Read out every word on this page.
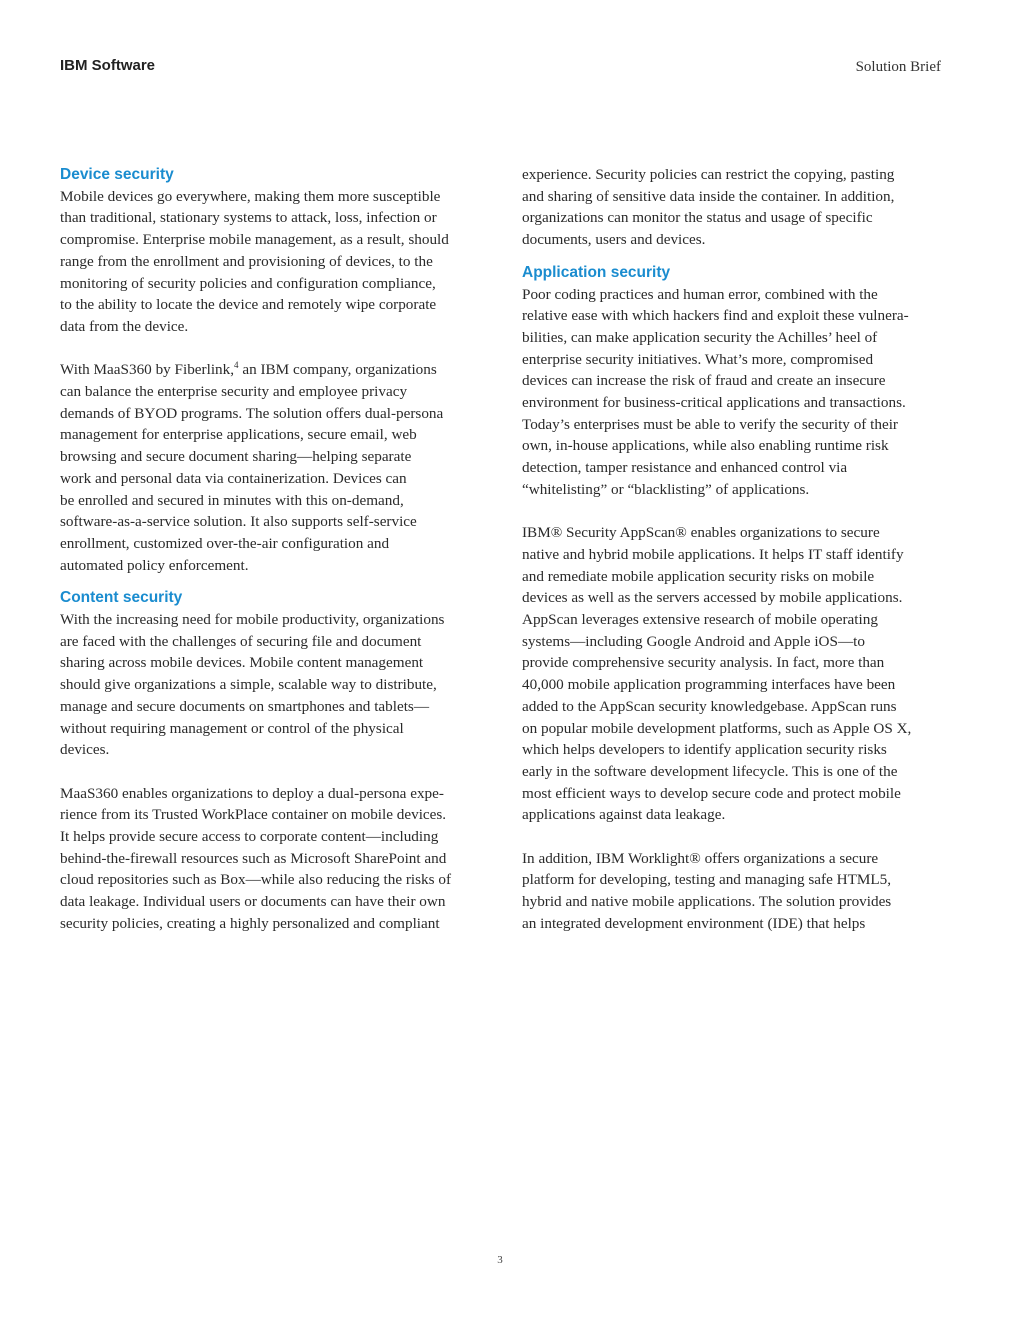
IBM Software	Solution Brief
Device security

Mobile devices go everywhere, making them more susceptible
than traditional, stationary systems to attack, loss, infection or
compromise. Enterprise mobile management, as a result, should
range from the enrollment and provisioning of devices, to the
monitoring of security policies and configuration compliance,
to the ability to locate the device and remotely wipe corporate
data from the device.

With MaaS360 by Fiberlink,$^4$ an IBM company, organizations
can balance the enterprise security and employee privacy
demands of BYOD programs. The solution offers dual-persona
management for enterprise applications, secure email, web
browsing and secure document sharing—helping separate
work and personal data via containerization. Devices can
be enrolled and secured in minutes with this on-demand,
software-as-a-service solution. It also supports self-service
enrollment, customized over-the-air configuration and
automated policy enforcement.

Content security

With the increasing need for mobile productivity, organizations
are faced with the challenges of securing file and document
sharing across mobile devices. Mobile content management
should give organizations a simple, scalable way to distribute,
manage and secure documents on smartphones and tablets—
without requiring management or control of the physical
devices.

MaaS360 enables organizations to deploy a dual-persona expe-
rience from its Trusted WorkPlace container on mobile devices.
It helps provide secure access to corporate content—including
behind-the-firewall resources such as Microsoft SharePoint and
cloud repositories such as Box—while also reducing the risks of
data leakage. Individual users or documents can have their own
security policies, creating a highly personalized and compliant

experience. Security policies can restrict the copying, pasting
and sharing of sensitive data inside the container. In addition,
organizations can monitor the status and usage of specific
documents, users and devices.

Application security

Poor coding practices and human error, combined with the
relative ease with which hackers find and exploit these vulnera-
bilities, can make application security the Achilles’ heel of
enterprise security initiatives. What’s more, compromised
devices can increase the risk of fraud and create an insecure
environment for business-critical applications and transactions.
Today’s enterprises must be able to verify the security of their
own, in-house applications, while also enabling runtime risk
detection, tamper resistance and enhanced control via
“whitelisting” or “blacklisting” of applications.

IBM® Security AppScan® enables organizations to secure
native and hybrid mobile applications. It helps IT staff identify
and remediate mobile application security risks on mobile
devices as well as the servers accessed by mobile applications.
AppScan leverages extensive research of mobile operating
systems—including Google Android and Apple iOS—to
provide comprehensive security analysis. In fact, more than
40,000 mobile application programming interfaces have been
added to the AppScan security knowledgebase. AppScan runs
on popular mobile development platforms, such as Apple OS X,
which helps developers to identify application security risks
early in the software development lifecycle. This is one of the
most efficient ways to develop secure code and protect mobile
applications against data leakage.

In addition, IBM Worklight® offers organizations a secure
platform for developing, testing and managing safe HTML5,
hybrid and native mobile applications. The solution provides
an integrated development environment (IDE) that helps

3
